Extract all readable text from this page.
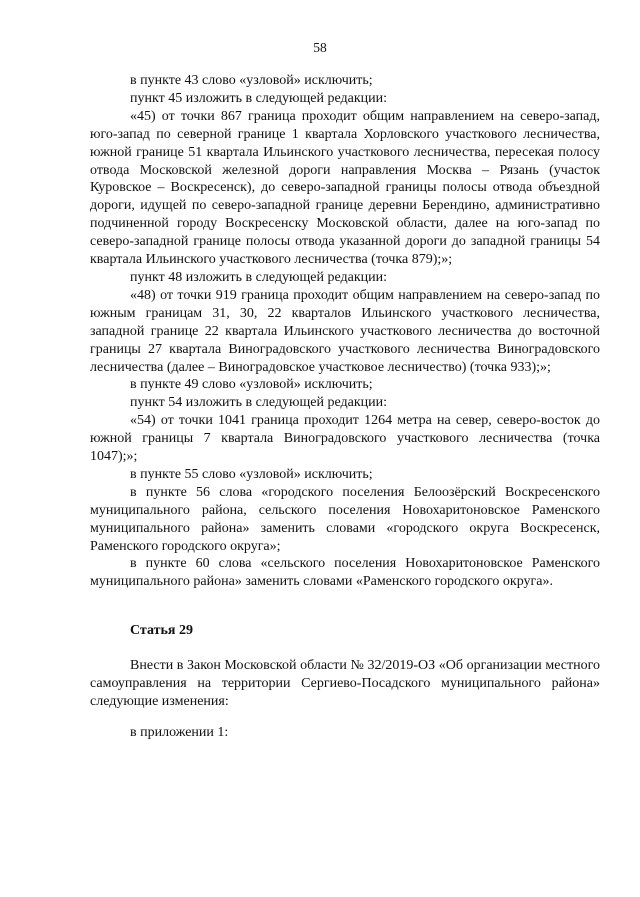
58

в пункте 43 слово «узловой» исключить;

пункт 45 изложить в следующей редакции:

«45) от точки 867 граница проходит общим направлением на северо-запад, юго-запад по северной границе 1 квартала Хорловского участкового лесничества, южной границе 51 квартала Ильинского участкового лесничества, пересекая полосу отвода Московской железной дороги направления Москва – Рязань (участок Куровское – Воскресенск), до северо-западной границы полосы отвода объездной дороги, идущей по северо-западной границе деревни Берендино, административно подчиненной городу Воскресенску Московской области, далее на юго-запад по северо-западной границе полосы отвода указанной дороги до западной границы 54 квартала Ильинского участкового лесничества (точка 879);»;

пункт 48 изложить в следующей редакции:

«48) от точки 919 граница проходит общим направлением на северо-запад по южным границам 31, 30, 22 кварталов Ильинского участкового лесничества, западной границе 22 квартала Ильинского участкового лесничества до восточной границы 27 квартала Виноградовского участкового лесничества Виноградовского лесничества (далее – Виноградовское участковое лесничество) (точка 933);»;

в пункте 49 слово «узловой» исключить;

пункт 54 изложить в следующей редакции:

«54) от точки 1041 граница проходит 1264 метра на север, северо-восток до южной границы 7 квартала Виноградовского участкового лесничества (точка 1047);»;

в пункте 55 слово «узловой» исключить;

в пункте 56 слова «городского поселения Белоозёрский Воскресенского муниципального района, сельского поселения Новохаритоновское Раменского муниципального района» заменить словами «городского округа Воскресенск, Раменского городского округа»;

в пункте 60 слова «сельского поселения Новохаритоновское Раменского муниципального района» заменить словами «Раменского городского округа».

Статья 29

Внести в Закон Московской области № 32/2019-ОЗ «Об организации местного самоуправления на территории Сергиево-Посадского муниципального района» следующие изменения:

в приложении 1:
